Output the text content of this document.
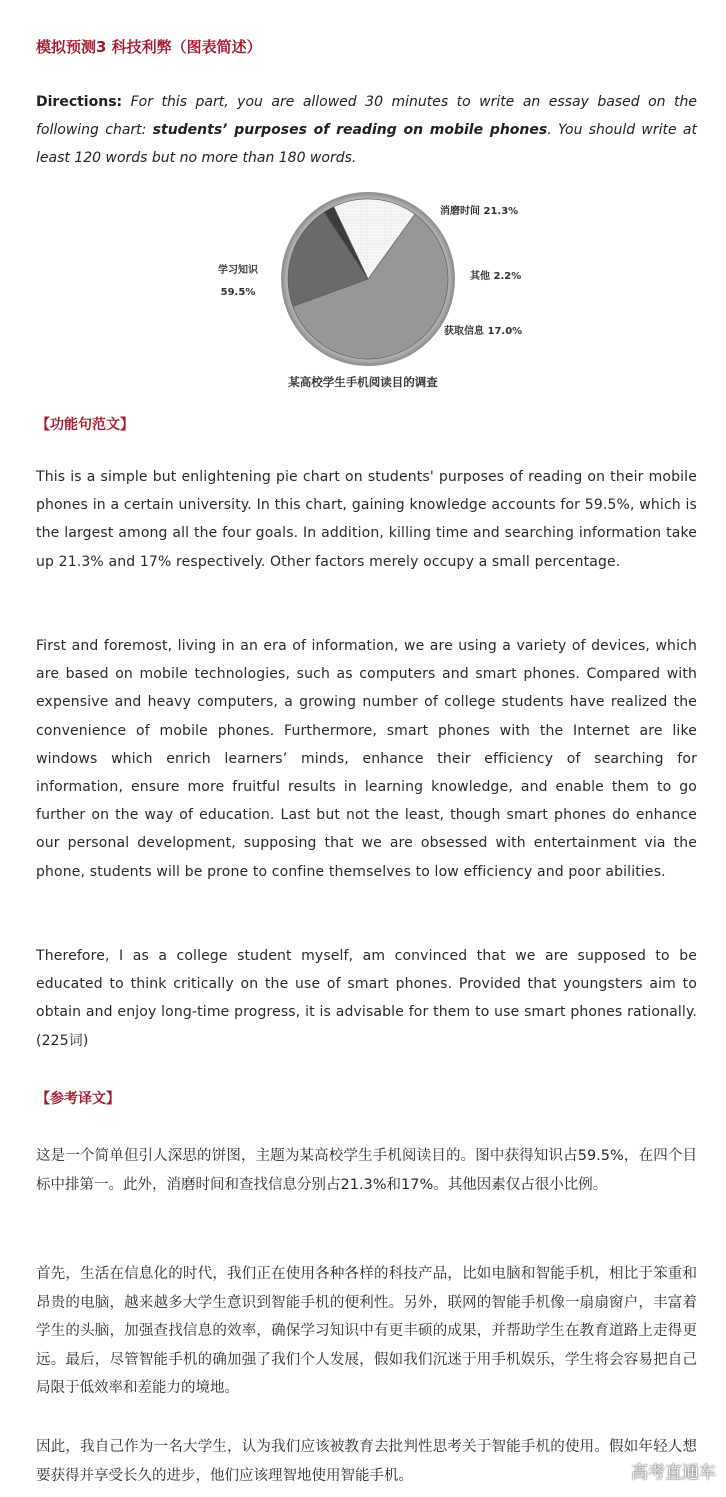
模拟预测3 科技利弊（图表简述）
Directions: For this part, you are allowed 30 minutes to write an essay based on the following chart: students’ purposes of reading on mobile phones. You should write at least 120 words but no more than 180 words.
学习知识
59.5%
获取信息 17.0%
其他 2.2%
消磨时间 21.3%
某高校学生手机阅读目的调查
【功能句范文】
This is a simple but enlightening pie chart on students' purposes of reading on their mobile phones in a certain university. In this chart, gaining knowledge accounts for 59.5%, which is the largest among all the four goals. In addition, killing time and searching information take up 21.3% and 17% respectively. Other factors merely occupy a small percentage.
First and foremost, living in an era of information, we are using a variety of devices, which are based on mobile technologies, such as computers and smart phones. Compared with expensive and heavy computers, a growing number of college students have realized the convenience of mobile phones. Furthermore, smart phones with the Internet are like windows which enrich learners’ minds, enhance their efficiency of searching for information, ensure more fruitful results in learning knowledge, and enable them to go further on the way of education. Last but not the least, though smart phones do enhance our personal development, supposing that we are obsessed with entertainment via the phone, students will be prone to confine themselves to low efficiency and poor abilities.
Therefore, I as a college student myself, am convinced that we are supposed to be educated to think critically on the use of smart phones. Provided that youngsters aim to obtain and enjoy long-time progress, it is advisable for them to use smart phones rationally. (225词)
【参考译文】
这是一个简单但引人深思的饼图，主题为某高校学生手机阅读目的。图中获得知识占59.5%，在四个目标中排第一。此外，消磨时间和查找信息分别占21.3%和17%。其他因素仅占很小比例。
首先，生活在信息化的时代，我们正在使用各种各样的科技产品，比如电脑和智能手机，相比于笨重和昂贵的电脑，越来越多大学生意识到智能手机的便利性。另外，联网的智能手机像一扇扇窗户，丰富着学生的头脑，加强查找信息的效率，确保学习知识中有更丰硕的成果，并帮助学生在教育道路上走得更远。最后，尽管智能手机的确加强了我们个人发展，假如我们沉迷于用手机娱乐，学生将会容易把自己局限于低效率和差能力的境地。
因此，我自己作为一名大学生，认为我们应该被教育去批判性思考关于智能手机的使用。假如年轻人想要获得并享受长久的进步，他们应该理智地使用智能手机。	高考直通车
